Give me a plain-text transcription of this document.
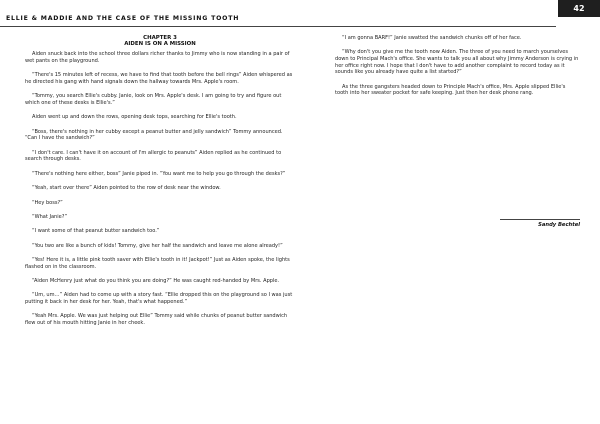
ELLIE & MADDIE AND THE CASE OF THE MISSING TOOTH
42
CHAPTER 3
AIDEN IS ON A MISSION

Aiden snuck back into the school three dollars richer thanks to Jimmy who is now standing in a pair of wet pants on the playground.

“There's 15 minutes left of recess, we have to find that tooth before the bell rings” Aiden whispered as he directed his gang with hand signals down the hallway towards Mrs. Apple's room.

“Tommy, you search Ellie's cubby. Janie, look on Mrs. Apple's desk. I am going to try and figure out which one of these desks is Ellie's.”

Aiden went up and down the rows, opening desk tops, searching for Ellie's tooth.

“Boss, there's nothing in her cubby except a peanut butter and jelly sandwich” Tommy announced. “Can I have the sandwich?”

“I don't care. I can't have it on account of I'm allergic to peanuts” Aiden replied as he continued to search through desks.

“There's nothing here either, boss” Janie piped in. “You want me to help you go through the desks?”

“Yeah, start over there” Aiden pointed to the row of desk near the window.

“Hey boss?”

“What Janie?”

“I want some of that peanut butter sandwich too.”

“You two are like a bunch of kids! Tommy, give her half the sandwich and leave me alone already!”

“Yes! Here it is, a little pink tooth saver with Ellie's tooth in it! Jackpot!” Just as Aiden spoke, the lights flashed on in the classroom.

“Aiden McHenry just what do you think you are doing?” He was caught red-handed by Mrs. Apple.

“Um, um…” Aiden had to come up with a story fast. “Ellie dropped this on the playground so I was just putting it back in her desk for her. Yeah, that's what happened.”

“Yeah Mrs. Apple. We was just helping out Ellie” Tommy said while chunks of peanut butter sandwich flew out of his mouth hitting Janie in her cheek.

“I am gonna BARF!” Janie swatted the sandwich chunks off of her face.

“Why don't you give me the tooth now Aiden. The three of you need to march yourselves down to Principal Mach's office. She wants to talk you all about why Jimmy Anderson is crying in her office right now. I hope that I don't have to add another complaint to record today as it sounds like you already have quite a list started?”

As the three gangsters headed down to Principle Mach's office, Mrs. Apple slipped Ellie's tooth into her sweater pocket for safe keeping. Just then her desk phone rang.

Sandy Bechtel
